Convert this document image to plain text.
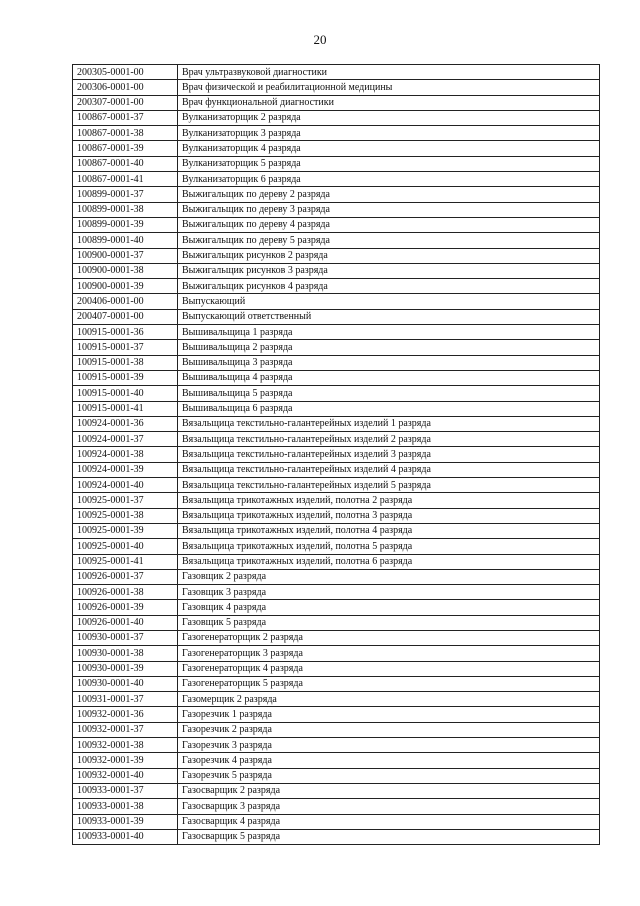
20
200305-0001-00	Врач ультразвуковой диагностики
200306-0001-00	Врач физической и реабилитационной медицины
200307-0001-00	Врач функциональной диагностики
100867-0001-37	Вулканизаторщик 2 разряда
100867-0001-38	Вулканизаторщик 3 разряда
100867-0001-39	Вулканизаторщик 4 разряда
100867-0001-40	Вулканизаторщик 5 разряда
100867-0001-41	Вулканизаторщик 6 разряда
100899-0001-37	Выжигальщик по дереву 2 разряда
100899-0001-38	Выжигальщик по дереву 3 разряда
100899-0001-39	Выжигальщик по дереву 4 разряда
100899-0001-40	Выжигальщик по дереву 5 разряда
100900-0001-37	Выжигальщик рисунков 2 разряда
100900-0001-38	Выжигальщик рисунков 3 разряда
100900-0001-39	Выжигальщик рисунков 4 разряда
200406-0001-00	Выпускающий
200407-0001-00	Выпускающий ответственный
100915-0001-36	Вышивальщица 1 разряда
100915-0001-37	Вышивальщица 2 разряда
100915-0001-38	Вышивальщица 3 разряда
100915-0001-39	Вышивальщица 4 разряда
100915-0001-40	Вышивальщица 5 разряда
100915-0001-41	Вышивальщица 6 разряда
100924-0001-36	Вязальщица текстильно-галантерейных изделий 1 разряда
100924-0001-37	Вязальщица текстильно-галантерейных изделий 2 разряда
100924-0001-38	Вязальщица текстильно-галантерейных изделий 3 разряда
100924-0001-39	Вязальщица текстильно-галантерейных изделий 4 разряда
100924-0001-40	Вязальщица текстильно-галантерейных изделий 5 разряда
100925-0001-37	Вязальщица трикотажных изделий, полотна 2 разряда
100925-0001-38	Вязальщица трикотажных изделий, полотна 3 разряда
100925-0001-39	Вязальщица трикотажных изделий, полотна 4 разряда
100925-0001-40	Вязальщица трикотажных изделий, полотна 5 разряда
100925-0001-41	Вязальщица трикотажных изделий, полотна 6 разряда
100926-0001-37	Газовщик 2 разряда
100926-0001-38	Газовщик 3 разряда
100926-0001-39	Газовщик 4 разряда
100926-0001-40	Газовщик 5 разряда
100930-0001-37	Газогенераторщик 2 разряда
100930-0001-38	Газогенераторщик 3 разряда
100930-0001-39	Газогенераторщик 4 разряда
100930-0001-40	Газогенераторщик 5 разряда
100931-0001-37	Газомерщик 2 разряда
100932-0001-36	Газорезчик 1 разряда
100932-0001-37	Газорезчик 2 разряда
100932-0001-38	Газорезчик 3 разряда
100932-0001-39	Газорезчик 4 разряда
100932-0001-40	Газорезчик 5 разряда
100933-0001-37	Газосварщик 2 разряда
100933-0001-38	Газосварщик 3 разряда
100933-0001-39	Газосварщик 4 разряда
100933-0001-40	Газосварщик 5 разряда
